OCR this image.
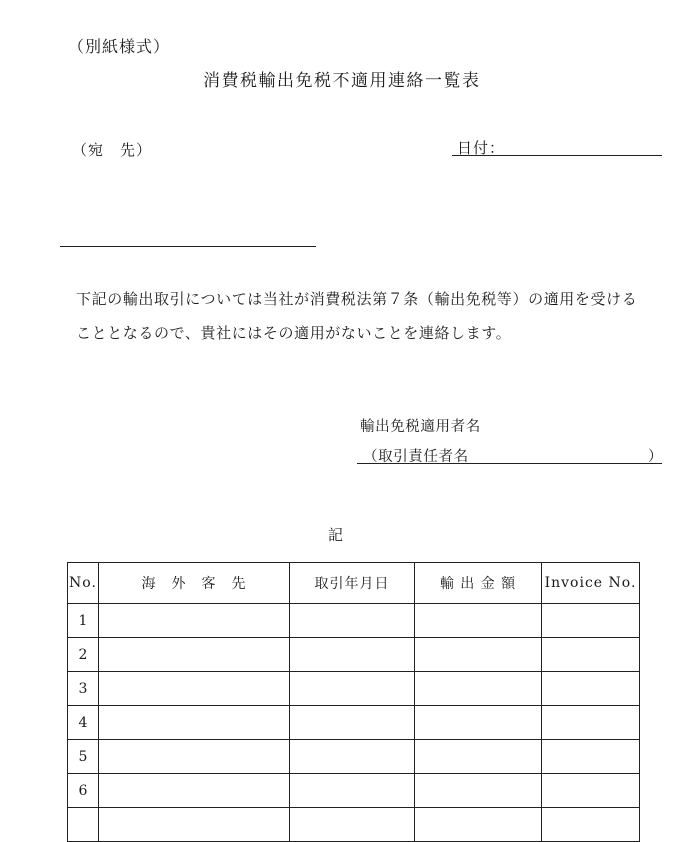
（別紙様式）
消費税輸出免税不適用連絡一覧表
（宛　先）	日付：
下記の輸出取引については当社が消費税法第７条（輸出免税等）の適用を受ける
こととなるので、貴社にはその適用がないことを連絡します。
輸出免税適用者名
（取引責任者名	）
記
No.	海　外　客　先	取引年月日	輸 出 金 額	Invoice No.
1				
2				
3				
4				
5				
6				
